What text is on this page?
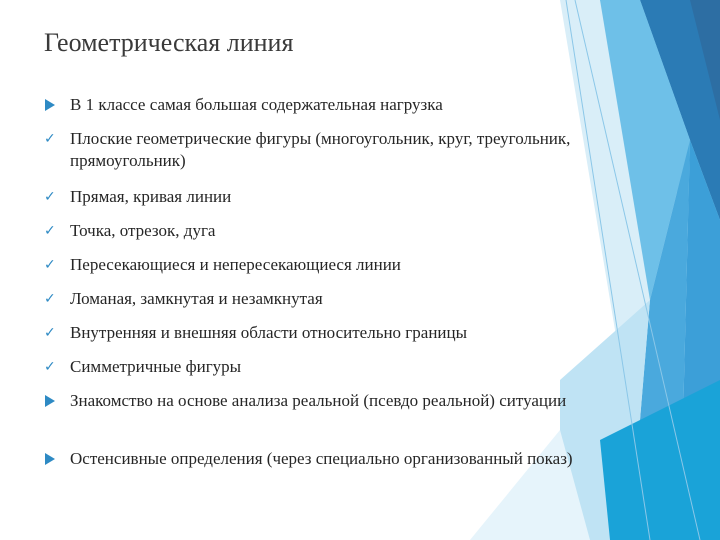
Геометрическая линия
В 1 классе самая большая содержательная нагрузка
✓ Плоские геометрические фигуры (многоугольник, круг, треугольник, прямоугольник)
✓ Прямая, кривая линии
✓ Точка, отрезок, дуга
✓ Пересекающиеся и непересекающиеся линии
✓ Ломаная, замкнутая и незамкнутая
✓ Внутренняя и внешняя области относительно границы
✓ Симметричные фигуры
Знакомство на основе анализа реальной (псевдо реальной) ситуации
Остенсивные определения (через специально организованный показ)
